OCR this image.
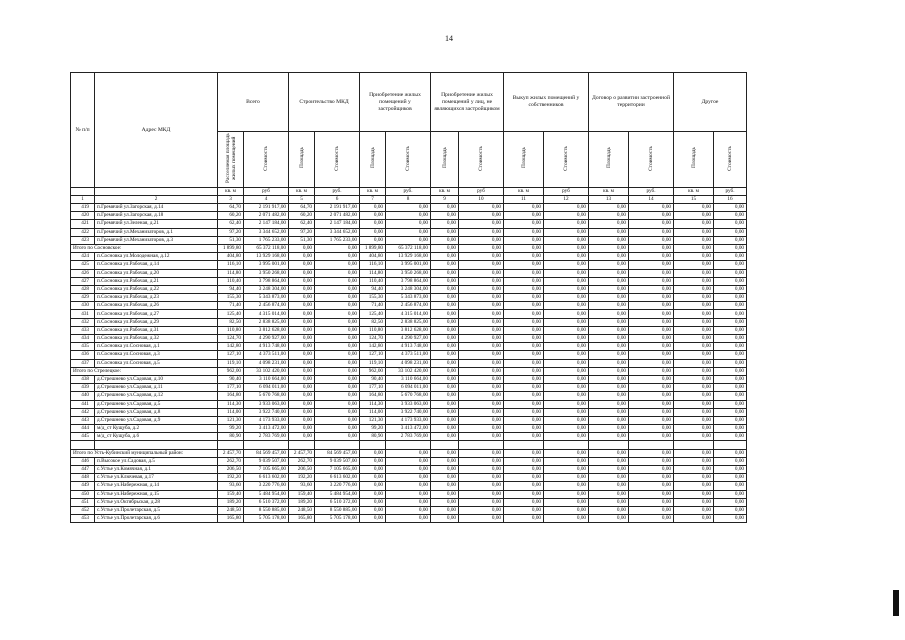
14
№ п/п	Адрес МКД	Всего		Строительство МКД		Приобретение жилых помещений у застройщиков		Приобретение жилых помещений у лиц, не являющихся застройщиком		Выкуп жилых помещений у собственников		Договор о развитии застроенной территории		Другое	
		Расселяемая площадь жилых помещений	Стоимость	Площадь	Стоимость	Площадь	Стоимость	Площадь	Стоимость	Площадь	Стоимость	Площадь	Стоимость	Площадь	Стоимость
		кв. м	руб	кв. м	руб.	кв. м	руб.	кв. м	руб	кв. м	руб	кв. м	руб.	кв. м	руб.
1	2	3	4	5	6	7	8	9	10	11	12	13	14	15	16
419	п.Гремячий ул.Загорская, д.14	64,70	2 191 917,00	64,70	2 191 917,00	0,00	0,00	0,00	0,00	0,00	0,00	0,00	0,00	0,00	0,00
420	п.Гремячий ул.Загорская, д.18	60,20	2 071 482,00	60,20	2 071 482,00	0,00	0,00	0,00	0,00	0,00	0,00	0,00	0,00	0,00	0,00
421	п.Гремячий ул.Зеленая, д.21	62,40	2 147 184,00	62,40	2 147 184,00	0,00	0,00	0,00	0,00	0,00	0,00	0,00	0,00	0,00	0,00
422	п.Гремячий ул.Механизаторов, д.1	97,20	3 344 652,00	97,20	3 344 652,00	0,00	0,00	0,00	0,00	0,00	0,00	0,00	0,00	0,00	0,00
423	п.Гремячий ул.Механизаторов, д.3	51,30	1 765 233,00	51,30	1 765 233,00	0,00	0,00	0,00	0,00	0,00	0,00	0,00	0,00	0,00	0,00
Итого по Сосновское:		1 899,80	65 372 118,00	0,00	0,00	1 899,80	65 372 118,00	0,00	0,00	0,00	0,00	0,00	0,00	0,00	0,00
424	п.Сосновка ул.Молодежная, д.12	404,80	13 929 168,00	0,00	0,00	404,80	13 929 168,00	0,00	0,00	0,00	0,00	0,00	0,00	0,00	0,00
425	п.Сосновка ул.Рабочая, д.14	116,10	3 995 001,00	0,00	0,00	116,10	3 995 001,00	0,00	0,00	0,00	0,00	0,00	0,00	0,00	0,00
426	п.Сосновка ул.Рабочая, д.20	114,80	3 950 268,00	0,00	0,00	114,80	3 950 268,00	0,00	0,00	0,00	0,00	0,00	0,00	0,00	0,00
427	п.Сосновка ул.Рабочая, д.21	110,40	3 798 864,00	0,00	0,00	110,40	3 798 864,00	0,00	0,00	0,00	0,00	0,00	0,00	0,00	0,00
428	п.Сосновка ул.Рабочая, д.22	94,40	3 248 304,00	0,00	0,00	94,40	3 248 304,00	0,00	0,00	0,00	0,00	0,00	0,00	0,00	0,00
429	п.Сосновка ул.Рабочая, д.23	155,30	5 343 873,00	0,00	0,00	155,30	5 343 873,00	0,00	0,00	0,00	0,00	0,00	0,00	0,00	0,00
430	п.Сосновка ул.Рабочая, д.26	71,40	2 456 874,00	0,00	0,00	71,40	2 456 874,00	0,00	0,00	0,00	0,00	0,00	0,00	0,00	0,00
431	п.Сосновка ул.Рабочая, д.27	125,40	4 315 014,00	0,00	0,00	125,40	4 315 014,00	0,00	0,00	0,00	0,00	0,00	0,00	0,00	0,00
432	п.Сосновка ул.Рабочая, д.29	82,50	2 838 825,00	0,00	0,00	82,50	2 838 825,00	0,00	0,00	0,00	0,00	0,00	0,00	0,00	0,00
433	п.Сосновка ул.Рабочая, д.31	110,80	3 812 628,00	0,00	0,00	110,80	3 812 628,00	0,00	0,00	0,00	0,00	0,00	0,00	0,00	0,00
434	п.Сосновка ул.Рабочая, д.32	124,70	4 290 927,00	0,00	0,00	124,70	4 290 927,00	0,00	0,00	0,00	0,00	0,00	0,00	0,00	0,00
435	п.Сосновка ул.Сосновая, д.1	142,80	4 913 748,00	0,00	0,00	142,80	4 913 748,00	0,00	0,00	0,00	0,00	0,00	0,00	0,00	0,00
436	п.Сосновка ул.Сосновая, д.3	127,10	4 373 511,00	0,00	0,00	127,10	4 373 511,00	0,00	0,00	0,00	0,00	0,00	0,00	0,00	0,00
437	п.Сосновка ул.Сосновая, д.5	119,10	4 098 231,00	0,00	0,00	119,10	4 098 231,00	0,00	0,00	0,00	0,00	0,00	0,00	0,00	0,00
Итого по Стрелецкое:		962,00	33 102 420,00	0,00	0,00	962,00	33 102 420,00	0,00	0,00	0,00	0,00	0,00	0,00	0,00	0,00
438	д.Стрешнево ул.Садовая, д.10	90,40	3 110 664,00	0,00	0,00	90,40	3 110 664,00	0,00	0,00	0,00	0,00	0,00	0,00	0,00	0,00
439	д.Стрешнево ул.Садовая, д.11	177,10	6 094 011,00	0,00	0,00	177,10	6 094 011,00	0,00	0,00	0,00	0,00	0,00	0,00	0,00	0,00
440	д.Стрешнево ул.Садовая, д.12	164,80	5 670 768,00	0,00	0,00	164,80	5 670 768,00	0,00	0,00	0,00	0,00	0,00	0,00	0,00	0,00
441	д.Стрешнево ул.Садовая, д.5	114,30	3 933 063,00	0,00	0,00	114,30	3 933 063,00	0,00	0,00	0,00	0,00	0,00	0,00	0,00	0,00
442	д.Стрешнево ул.Садовая, д.8	114,00	3 922 740,00	0,00	0,00	114,00	3 922 740,00	0,00	0,00	0,00	0,00	0,00	0,00	0,00	0,00
443	д.Стрешнево ул.Садовая, д.9	121,30	4 173 933,00	0,00	0,00	121,30	4 173 933,00	0,00	0,00	0,00	0,00	0,00	0,00	0,00	0,00
444	м/д_ст Кущуба, д.2	99,20	3 413 472,00	0,00	0,00	99,20	3 413 472,00	0,00	0,00	0,00	0,00	0,00	0,00	0,00	0,00
445	м/д_ст Кущуба, д.6	80,90	2 783 769,00	0,00	0,00	80,90	2 783 769,00	0,00	0,00	0,00	0,00	0,00	0,00	0,00	0,00

Итого по Усть-Кубинский муниципальный район:		2 457,70	84 569 457,00	2 457,70	84 569 457,00	0,00	0,00	0,00	0,00	0,00	0,00	0,00	0,00	0,00	0,00
446	п.Высокое ул.Садовая, д.5	262,70	9 039 507,00	262,70	9 039 507,00	0,00	0,00	0,00	0,00	0,00	0,00	0,00	0,00	0,00	0,00
447	с.Устье ул.Комячная, д.1	206,50	7 105 665,00	206,50	7 105 665,00	0,00	0,00	0,00	0,00	0,00	0,00	0,00	0,00	0,00	0,00
448	с.Устье ул.Ключевая, д.17	192,20	6 613 602,00	192,20	6 613 602,00	0,00	0,00	0,00	0,00	0,00	0,00	0,00	0,00	0,00	0,00
449	с.Устье ул.Набережная, д.14	93,60	3 220 776,00	93,60	3 220 776,00	0,00	0,00	0,00	0,00	0,00	0,00	0,00	0,00	0,00	0,00
450	с.Устье ул.Набережная, д.15	159,40	5 484 954,00	159,40	5 484 954,00	0,00	0,00	0,00	0,00	0,00	0,00	0,00	0,00	0,00	0,00
451	с.Устье ул.Октябрьская, д.28	189,20	6 510 372,00	189,20	6 510 372,00	0,00	0,00	0,00	0,00	0,00	0,00	0,00	0,00	0,00	0,00
452	с.Устье ул.Пролетарская, д.5	248,50	8 550 885,00	248,50	8 550 885,00	0,00	0,00	0,00	0,00	0,00	0,00	0,00	0,00	0,00	0,00
453	с.Устье ул.Пролетарская, д.6	165,80	5 705 178,00	165,80	5 705 178,00	0,00	0,00	0,00	0,00	0,00	0,00	0,00	0,00	0,00	0,00
